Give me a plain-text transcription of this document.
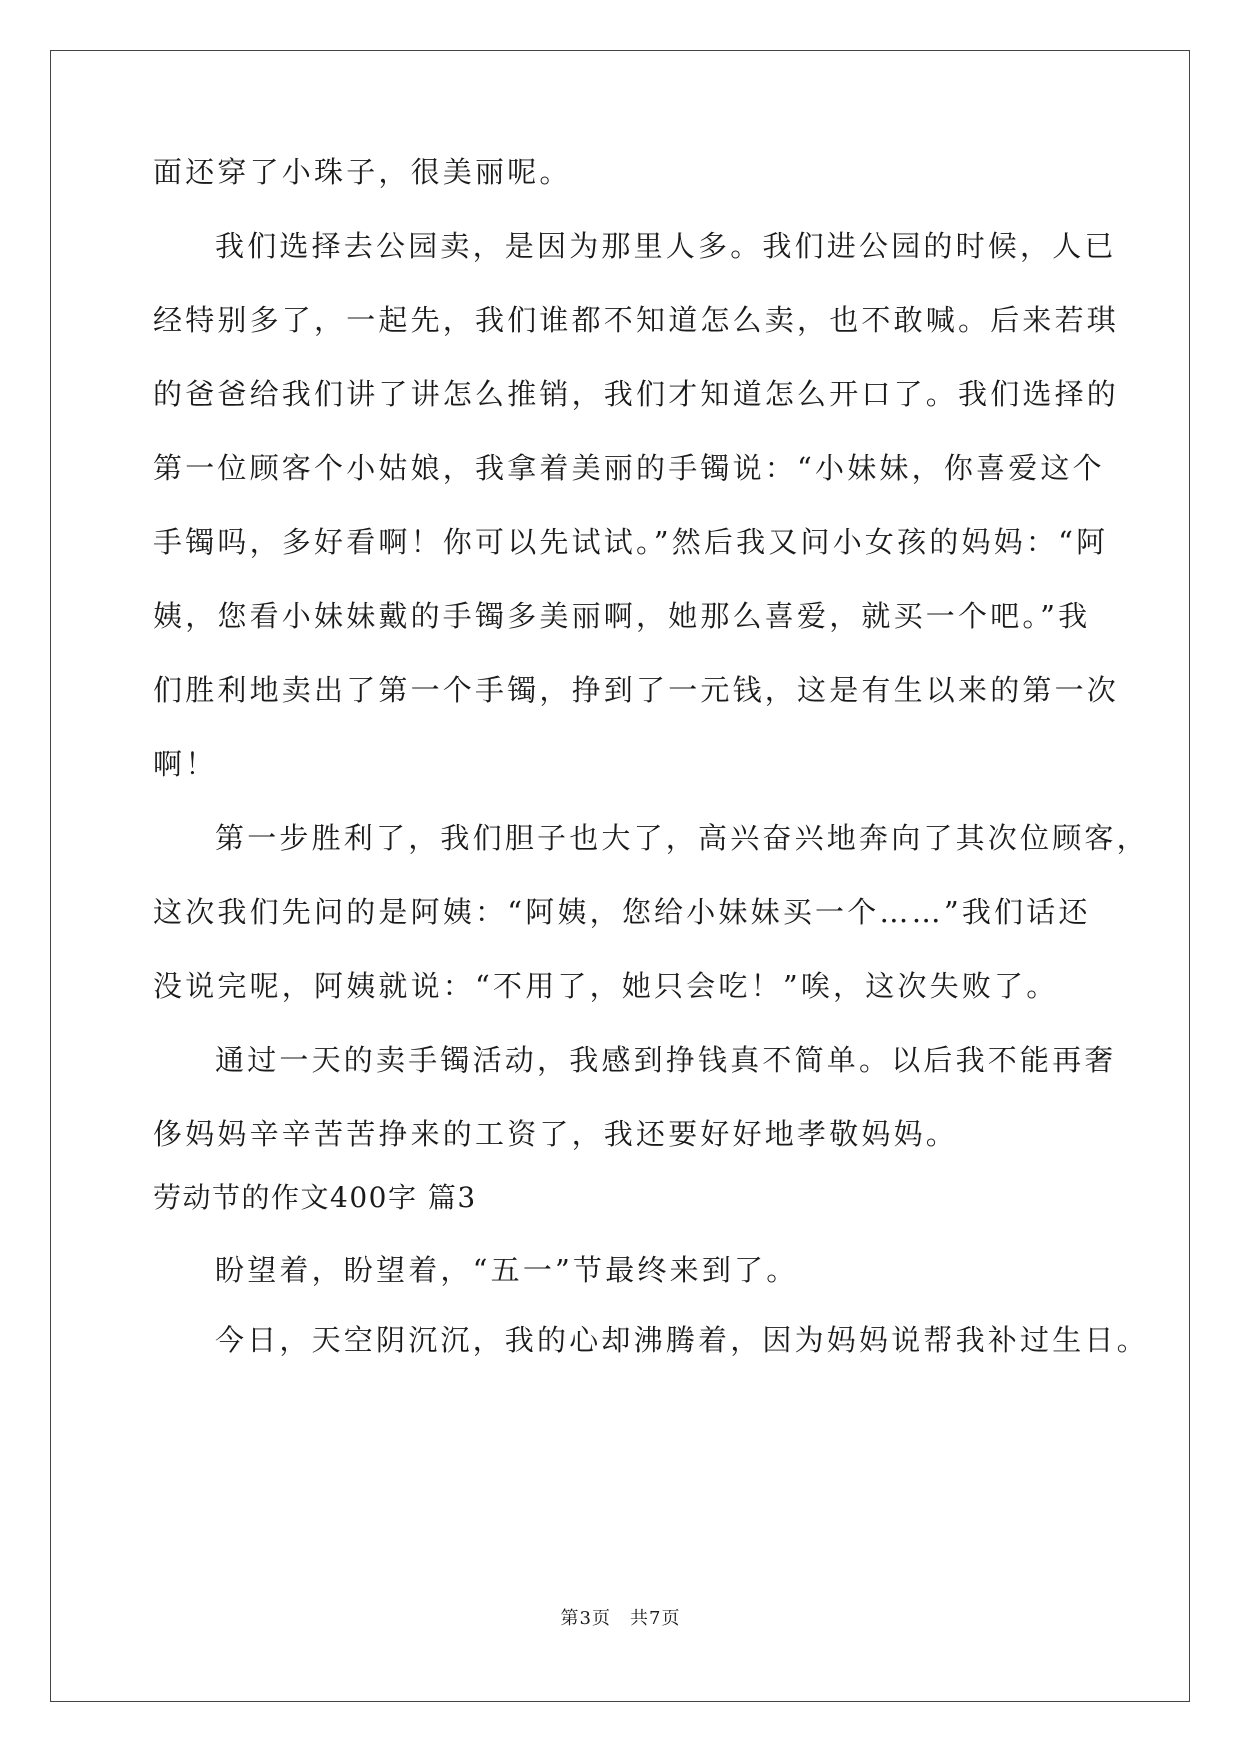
面还穿了小珠子，很美丽呢。
我们选择去公园卖，是因为那里人多。我们进公园的时候，人已
经特别多了，一起先，我们谁都不知道怎么卖，也不敢喊。后来若琪
的爸爸给我们讲了讲怎么推销，我们才知道怎么开口了。我们选择的
第一位顾客个小姑娘，我拿着美丽的手镯说：“小妹妹，你喜爱这个
手镯吗，多好看啊！你可以先试试。”然后我又问小女孩的妈妈：“阿
姨，您看小妹妹戴的手镯多美丽啊，她那么喜爱，就买一个吧。”我
们胜利地卖出了第一个手镯，挣到了一元钱，这是有生以来的第一次
啊！
第一步胜利了，我们胆子也大了，高兴奋兴地奔向了其次位顾客，
这次我们先问的是阿姨：“阿姨，您给小妹妹买一个……”我们话还
没说完呢，阿姨就说：“不用了，她只会吃！”唉，这次失败了。
通过一天的卖手镯活动，我感到挣钱真不简单。以后我不能再奢
侈妈妈辛辛苦苦挣来的工资了，我还要好好地孝敬妈妈。
劳动节的作文400字 篇3
盼望着，盼望着，“五一”节最终来到了。
今日，天空阴沉沉，我的心却沸腾着，因为妈妈说帮我补过生日。
第3页　共7页
